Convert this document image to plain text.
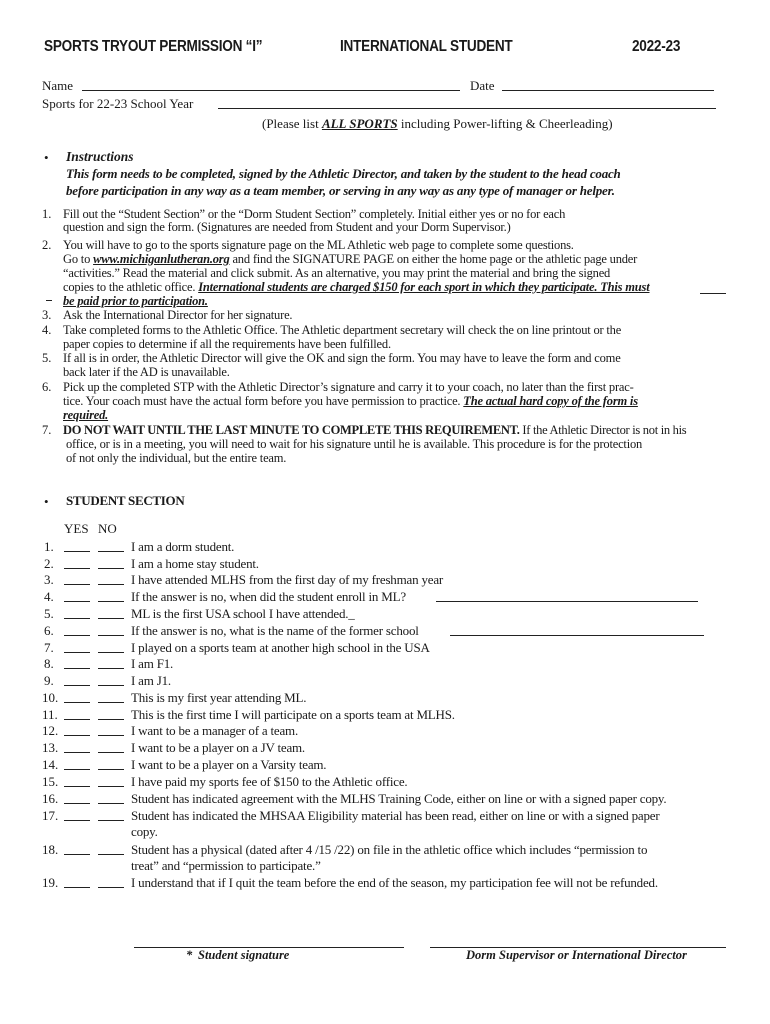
SPORTS TRYOUT PERMISSION “I”	INTERNATIONAL STUDENT	2022-23
Name	Date
Sports for 22-23 School Year
(Please list ALL SPORTS including Power-lifting & Cheerleading)
• Instructions
This form needs to be completed, signed by the Athletic Director, and taken by the student to the head coach
before participation in any way as a team member, or serving in any way as any type of manager or helper.
1. Fill out the “Student Section” or the “Dorm Student Section” completely. Initial either yes or no for each
question and sign the form. (Signatures are needed from Student and your Dorm Supervisor.)
2. You will have to go to the sports signature page on the ML Athletic web page to complete some questions.
Go to www.michiganlutheran.org and find the SIGNATURE PAGE on either the home page or the athletic page under
“activities.” Read the material and click submit. As an alternative, you may print the material and bring the signed
copies to the athletic office. International students are charged $150 for each sport in which they participate. This must
be paid prior to participation.
3. Ask the International Director for her signature.
4. Take completed forms to the Athletic Office. The Athletic department secretary will check the on line printout or the
paper copies to determine if all the requirements have been fulfilled.
5. If all is in order, the Athletic Director will give the OK and sign the form. You may have to leave the form and come
back later if the AD is unavailable.
6. Pick up the completed STP with the Athletic Director’s signature and carry it to your coach, no later than the first prac-
tice. Your coach must have the actual form before you have permission to practice. The actual hard copy of the form is
required.
7. DO NOT WAIT UNTIL THE LAST MINUTE TO COMPLETE THIS REQUIREMENT. If the Athletic Director is not in his
office, or is in a meeting, you will need to wait for his signature until he is available. This procedure is for the protection
of not only the individual, but the entire team.
• STUDENT SECTION
YES NO
1.	I am a dorm student.
2.	I am a home stay student.
3.	I have attended MLHS from the first day of my freshman year
4.	If the answer is no, when did the student enroll in ML?
5.	ML is the first USA school I have attended._
6.	If the answer is no, what is the name of the former school
7.	I played on a sports team at another high school in the USA
8.	I am F1.
9.	I am J1.
10.	This is my first year attending ML.
11.	This is the first time I will participate on a sports team at MLHS.
12.	I want to be a manager of a team.
13.	I want to be a player on a JV team.
14.	I want to be a player on a Varsity team.
15.	I have paid my sports fee of $150 to the Athletic office.
16.	Student has indicated agreement with the MLHS Training Code, either on line or with a signed paper copy.
17.	Student has indicated the MHSAA Eligibility material has been read, either on line or with a signed paper
copy.
18.	Student has a physical (dated after 4 /15 /22) on file in the athletic office which includes “permission to
treat” and “permission to participate.”
19.	I understand that if I quit the team before the end of the season, my participation fee will not be refunded.
* Student signature	Dorm Supervisor or International Director
